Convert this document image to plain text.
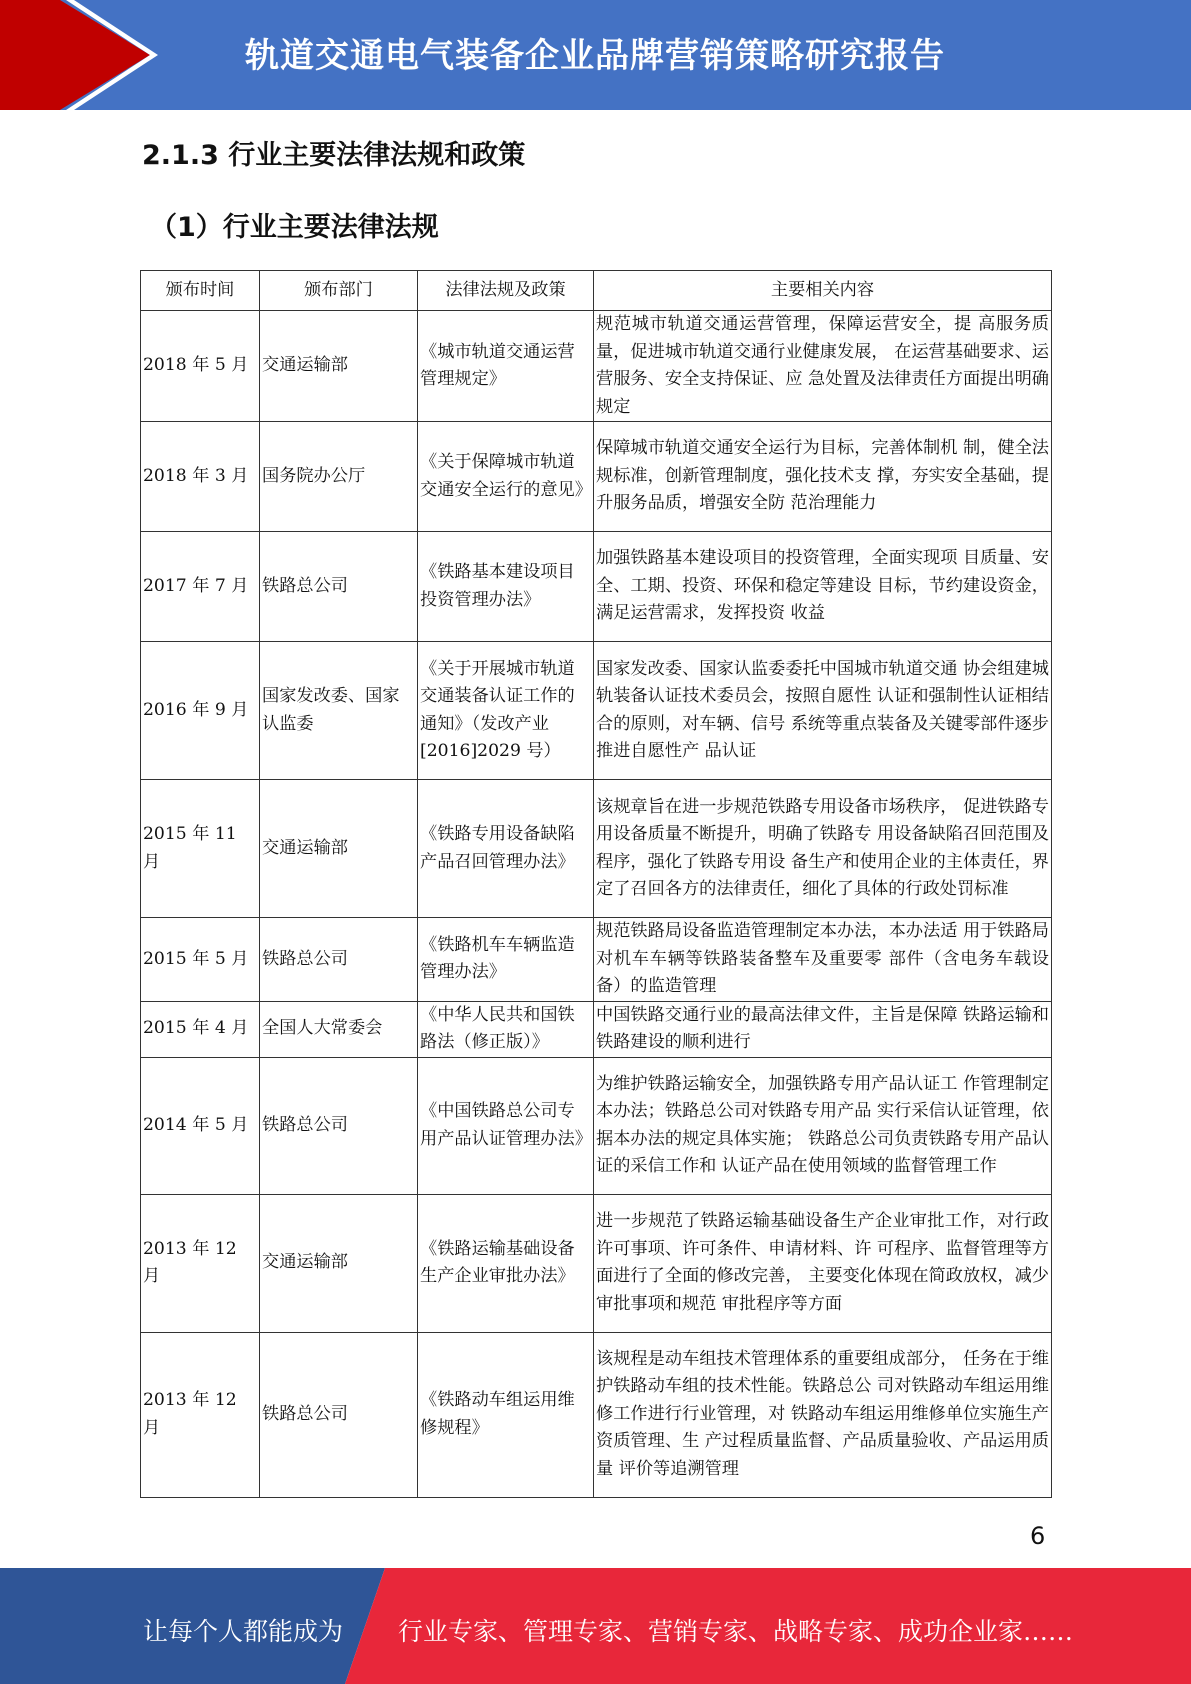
轨道交通电气装备企业品牌营销策略研究报告
2.1.3 行业主要法律法规和政策
（1）行业主要法律法规
颁布时间	颁布部门	法律法规及政策	主要相关内容
2018 年 5 月	交通运输部	《城市轨道交通运营管理规定》	规范城市轨道交通运营管理，保障运营安全，提 高服务质量，促进城市轨道交通行业健康发展， 在运营基础要求、运营服务、安全支持保证、应 急处置及法律责任方面提出明确规定
2018 年 3 月	国务院办公厅	《关于保障城市轨道交通安全运行的意见》	保障城市轨道交通安全运行为目标，完善体制机 制，健全法规标准，创新管理制度，强化技术支 撑，夯实安全基础，提升服务品质，增强安全防 范治理能力
2017 年 7 月	铁路总公司	《铁路基本建设项目投资管理办法》	加强铁路基本建设项目的投资管理，全面实现项 目质量、安全、工期、投资、环保和稳定等建设 目标，节约建设资金，满足运营需求，发挥投资 收益
2016 年 9 月	国家发改委、国家认监委	《关于开展城市轨道交通装备认证工作的通知》（发改产业[2016]2029 号）	国家发改委、国家认监委委托中国城市轨道交通 协会组建城轨装备认证技术委员会，按照自愿性 认证和强制性认证相结合的原则，对车辆、信号 系统等重点装备及关键零部件逐步推进自愿性产 品认证
2015 年 11 月	交通运输部	《铁路专用设备缺陷产品召回管理办法》	该规章旨在进一步规范铁路专用设备市场秩序， 促进铁路专用设备质量不断提升，明确了铁路专 用设备缺陷召回范围及程序，强化了铁路专用设 备生产和使用企业的主体责任，界定了召回各方的法律责任，细化了具体的行政处罚标准
2015 年 5 月	铁路总公司	《铁路机车车辆监造管理办法》	规范铁路局设备监造管理制定本办法，本办法适 用于铁路局对机车车辆等铁路装备整车及重要零 部件（含电务车载设备）的监造管理
2015 年 4 月	全国人大常委会	《中华人民共和国铁路法（修正版）》	中国铁路交通行业的最高法律文件，主旨是保障 铁路运输和铁路建设的顺利进行
2014 年 5 月	铁路总公司	《中国铁路总公司专用产品认证管理办法》	为维护铁路运输安全，加强铁路专用产品认证工 作管理制定本办法；铁路总公司对铁路专用产品 实行采信认证管理，依据本办法的规定具体实施； 铁路总公司负责铁路专用产品认证的采信工作和 认证产品在使用领域的监督管理工作
2013 年 12 月	交通运输部	《铁路运输基础设备生产企业审批办法》	进一步规范了铁路运输基础设备生产企业审批工作，对行政许可事项、许可条件、申请材料、许 可程序、监督管理等方面进行了全面的修改完善， 主要变化体现在简政放权，减少审批事项和规范 审批程序等方面
2013 年 12 月	铁路总公司	《铁路动车组运用维修规程》	该规程是动车组技术管理体系的重要组成部分， 任务在于维护铁路动车组的技术性能。铁路总公 司对铁路动车组运用维修工作进行行业管理，对 铁路动车组运用维修单位实施生产资质管理、生 产过程质量监督、产品质量验收、产品运用质量 评价等追溯管理
6
让每个人都能成为 行业专家、管理专家、营销专家、战略专家、成功企业家……
